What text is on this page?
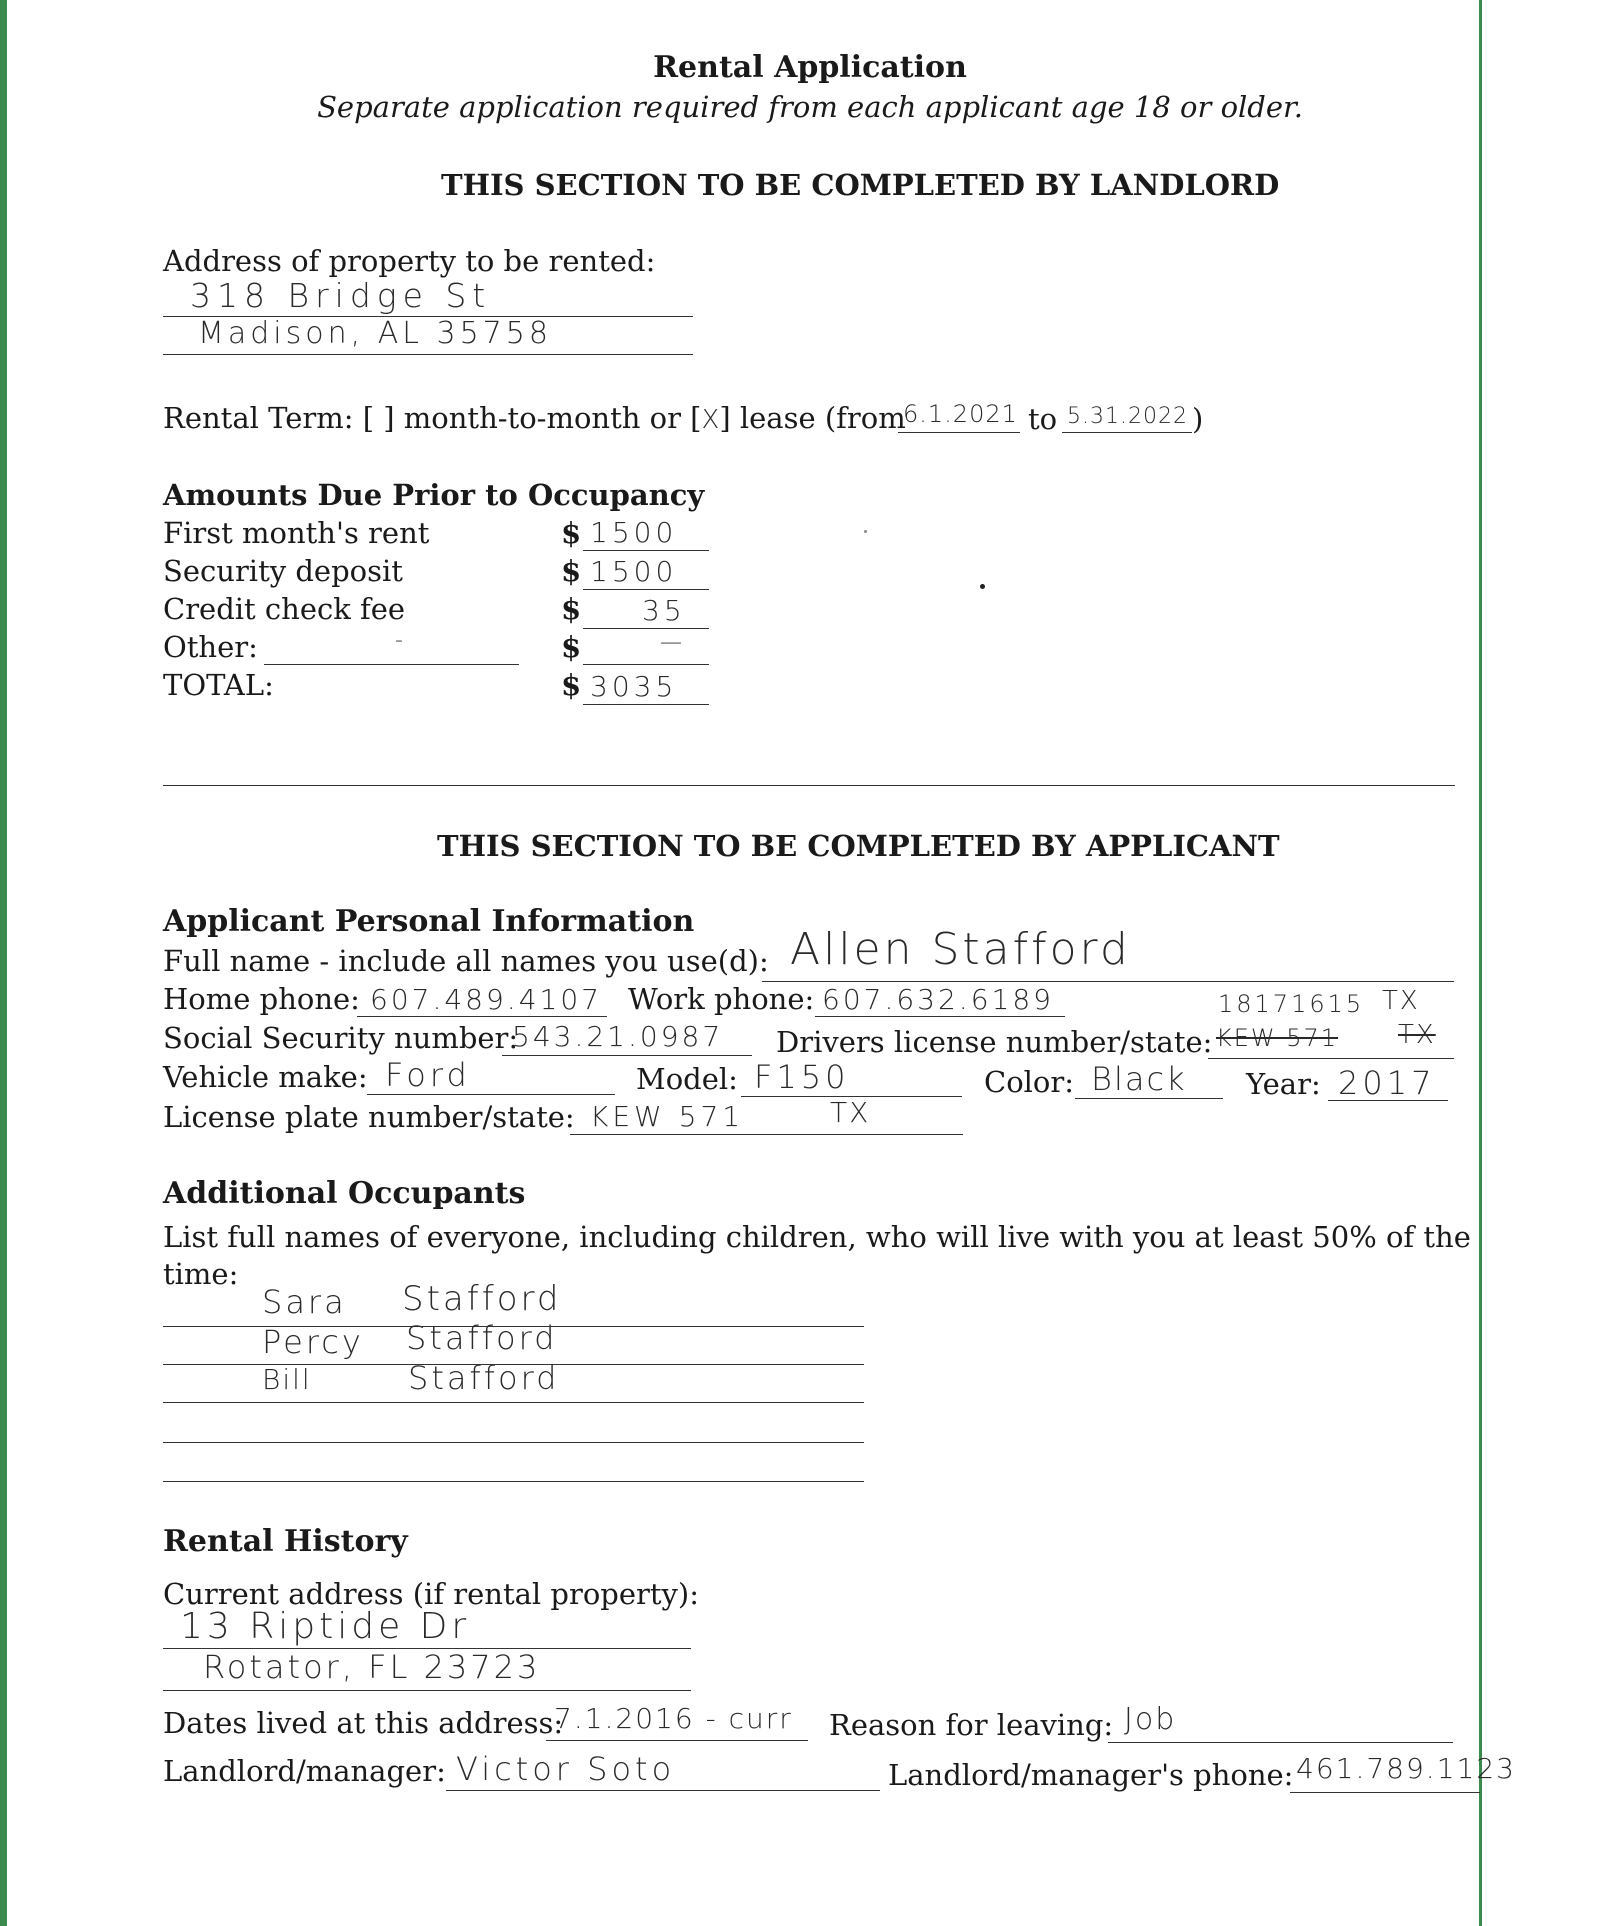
Rental Application
Separate application required from each applicant age 18 or older.
THIS SECTION TO BE COMPLETED BY LANDLORD
Address of property to be rented:
318 Bridge St
Madison, AL 35758
Rental Term: [ ] month-to-month or [X] lease (from
6.1.2021 to 5.31.2022 )
Amounts Due Prior to Occupancy
First month's rent	$ 1500
Security deposit	$ 1500
Credit check fee	$ 35
Other:	-	$	—
TOTAL:	$ 3035
THIS SECTION TO BE COMPLETED BY APPLICANT
Applicant Personal Information
Full name - include all names you use(d): Allen Stafford
Home phone: 607.489.4107 Work phone: 607.632.6189	18171615 TX
Social Security number:
543.21.0987 Drivers license number/state: KEW 571 TX
Vehicle make: Ford	Model: F150	Color: Black Year: 2017
License plate number/state: KEW 571	TX
Additional Occupants
List full names of everyone, including children, who will live with you at least 50% of the
time:
Sara Stafford
Percy Stafford
Bill	Stafford
Rental History
Current address (if rental property):
13 Riptide Dr
Rotator, FL 23723
Dates lived at this address:
7.1.2016 - curr Reason for leaving: Job
Landlord/manager: Victor Soto	Landlord/manager's phone: 461.789.1123
